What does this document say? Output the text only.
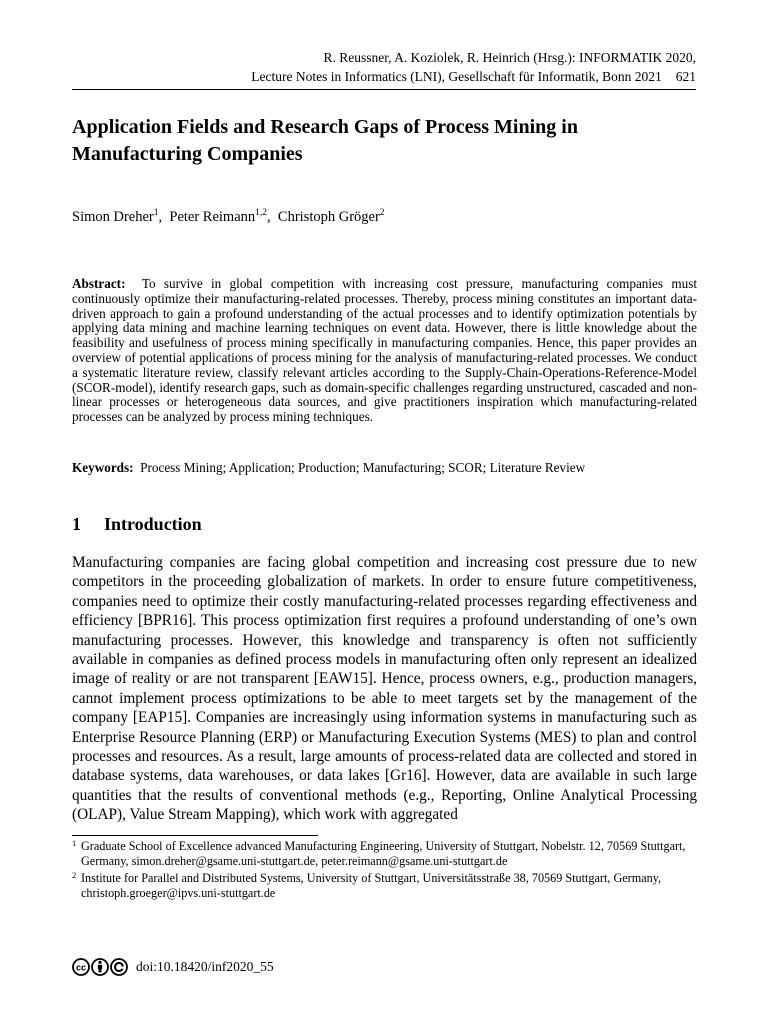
R. Reussner, A. Koziolek, R. Heinrich (Hrsg.): INFORMATIK 2020,
Lecture Notes in Informatics (LNI), Gesellschaft für Informatik, Bonn 2021 621
Application Fields and Research Gaps of Process Mining in Manufacturing Companies
Simon Dreher$^1$,  Peter Reimann$^{1,2}$,  Christoph Gröger$^2$

Abstract: To survive in global competition with increasing cost pressure, manufacturing companies must continuously optimize their manufacturing-related processes. Thereby, process mining constitutes an important data-driven approach to gain a profound understanding of the actual processes and to identify optimization potentials by applying data mining and machine learning techniques on event data. However, there is little knowledge about the feasibility and usefulness of process mining specifically in manufacturing companies. Hence, this paper provides an overview of potential applications of process mining for the analysis of manufacturing-related processes. We conduct a systematic literature review, classify relevant articles according to the Supply-Chain-Operations-Reference-Model (SCOR-model), identify research gaps, such as domain-specific challenges regarding unstructured, cascaded and non-linear processes or heterogeneous data sources, and give practitioners inspiration which manufacturing-related processes can be analyzed by process mining techniques.

Keywords: Process Mining; Application; Production; Manufacturing; SCOR; Literature Review

1 Introduction

Manufacturing companies are facing global competition and increasing cost pressure due to new competitors in the proceeding globalization of markets. In order to ensure future competitiveness, companies need to optimize their costly manufacturing-related processes regarding effectiveness and efficiency [BPR16]. This process optimization first requires a profound understanding of one’s own manufacturing processes. However, this knowledge and transparency is often not sufficiently available in companies as defined process models in manufacturing often only represent an idealized image of reality or are not transparent [EAW15]. Hence, process owners, e.g., production managers, cannot implement process optimizations to be able to meet targets set by the management of the company [EAP15]. Companies are increasingly using information systems in manufacturing such as Enterprise Resource Planning (ERP) or Manufacturing Execution Systems (MES) to plan and control processes and resources. As a result, large amounts of process-related data are collected and stored in database systems, data warehouses, or data lakes [Gr16]. However, data are available in such large quantities that the results of conventional methods (e.g., Reporting, Online Analytical Processing (OLAP), Value Stream Mapping), which work with aggregated

1 Graduate School of Excellence advanced Manufacturing Engineering, University of Stuttgart, Nobelstr. 12, 70569 Stuttgart, Germany, simon.dreher@gsame.uni-stuttgart.de, peter.reimann@gsame.uni-stuttgart.de

2 Institute for Parallel and Distributed Systems, University of Stuttgart, Universitätsstraße 38, 70569 Stuttgart, Germany, christoph.groeger@ipvs.uni-stuttgart.de

cc	doi:10.18420/inf2020_55
